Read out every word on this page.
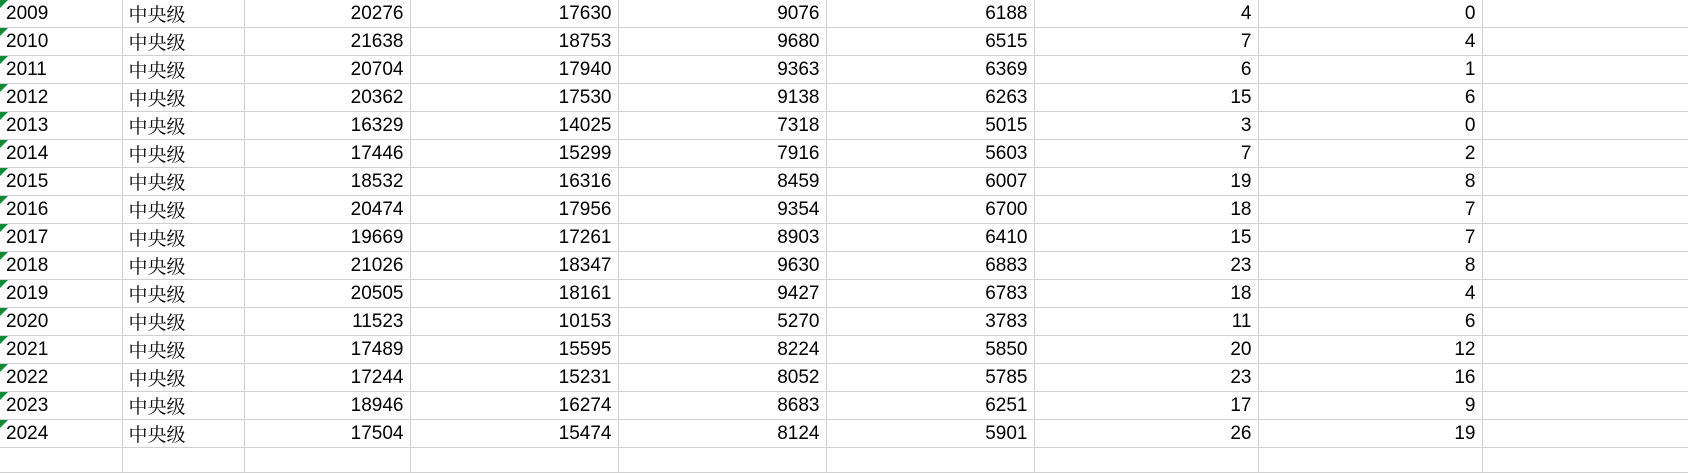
2009	中央级	20276	17630	9076	6188	4	0	

2010	中央级	21638	18753	9680	6515	7	4	

2011	中央级	20704	17940	9363	6369	6	1	

2012	中央级	20362	17530	9138	6263	15	6	

2013	中央级	16329	14025	7318	5015	3	0	

2014	中央级	17446	15299	7916	5603	7	2	

2015	中央级	18532	16316	8459	6007	19	8	

2016	中央级	20474	17956	9354	6700	18	7	

2017	中央级	19669	17261	8903	6410	15	7	

2018	中央级	21026	18347	9630	6883	23	8	

2019	中央级	20505	18161	9427	6783	18	4	

2020	中央级	11523	10153	5270	3783	11	6	

2021	中央级	17489	15595	8224	5850	20	12	

2022	中央级	17244	15231	8052	5785	23	16	

2023	中央级	18946	16274	8683	6251	17	9	

2024	中央级	17504	15474	8124	5901	26	19	
